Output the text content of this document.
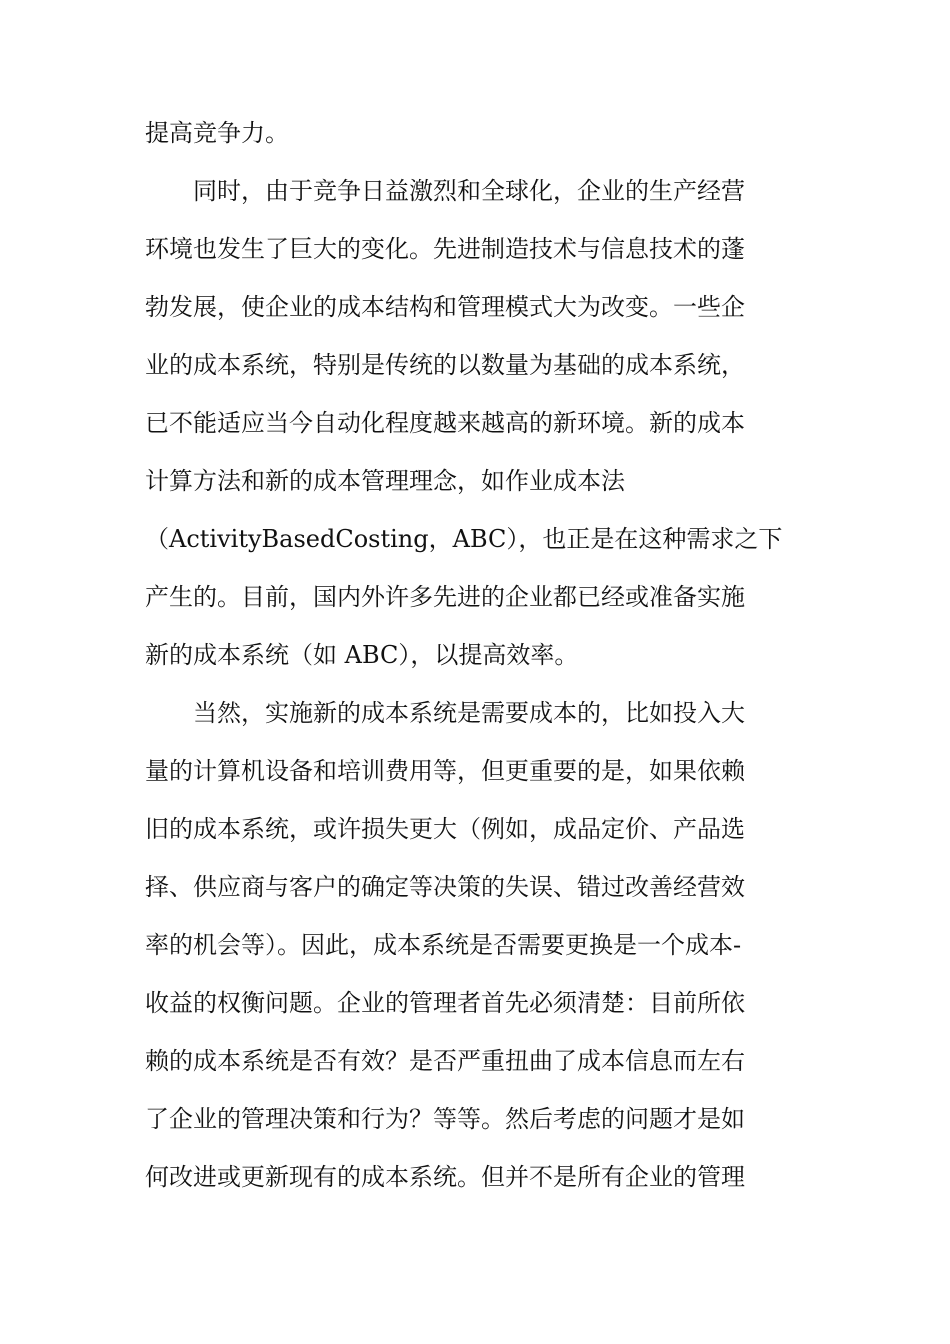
提高竞争力。
　　同时，由于竞争日益激烈和全球化，企业的生产经营
环境也发生了巨大的变化。先进制造技术与信息技术的蓬
勃发展，使企业的成本结构和管理模式大为改变。一些企
业的成本系统，特别是传统的以数量为基础的成本系统，
已不能适应当今自动化程度越来越高的新环境。新的成本
计算方法和新的成本管理理念，如作业成本法
（ActivityBasedCosting，ABC），也正是在这种需求之下
产生的。目前，国内外许多先进的企业都已经或准备实施
新的成本系统（如 ABC），以提高效率。
　　当然，实施新的成本系统是需要成本的，比如投入大
量的计算机设备和培训费用等，但更重要的是，如果依赖
旧的成本系统，或许损失更大（例如，成品定价、产品选
择、供应商与客户的确定等决策的失误、错过改善经营效
率的机会等）。因此，成本系统是否需要更换是一个成本-
收益的权衡问题。企业的管理者首先必须清楚：目前所依
赖的成本系统是否有效？是否严重扭曲了成本信息而左右
了企业的管理决策和行为？等等。然后考虑的问题才是如
何改进或更新现有的成本系统。但并不是所有企业的管理
